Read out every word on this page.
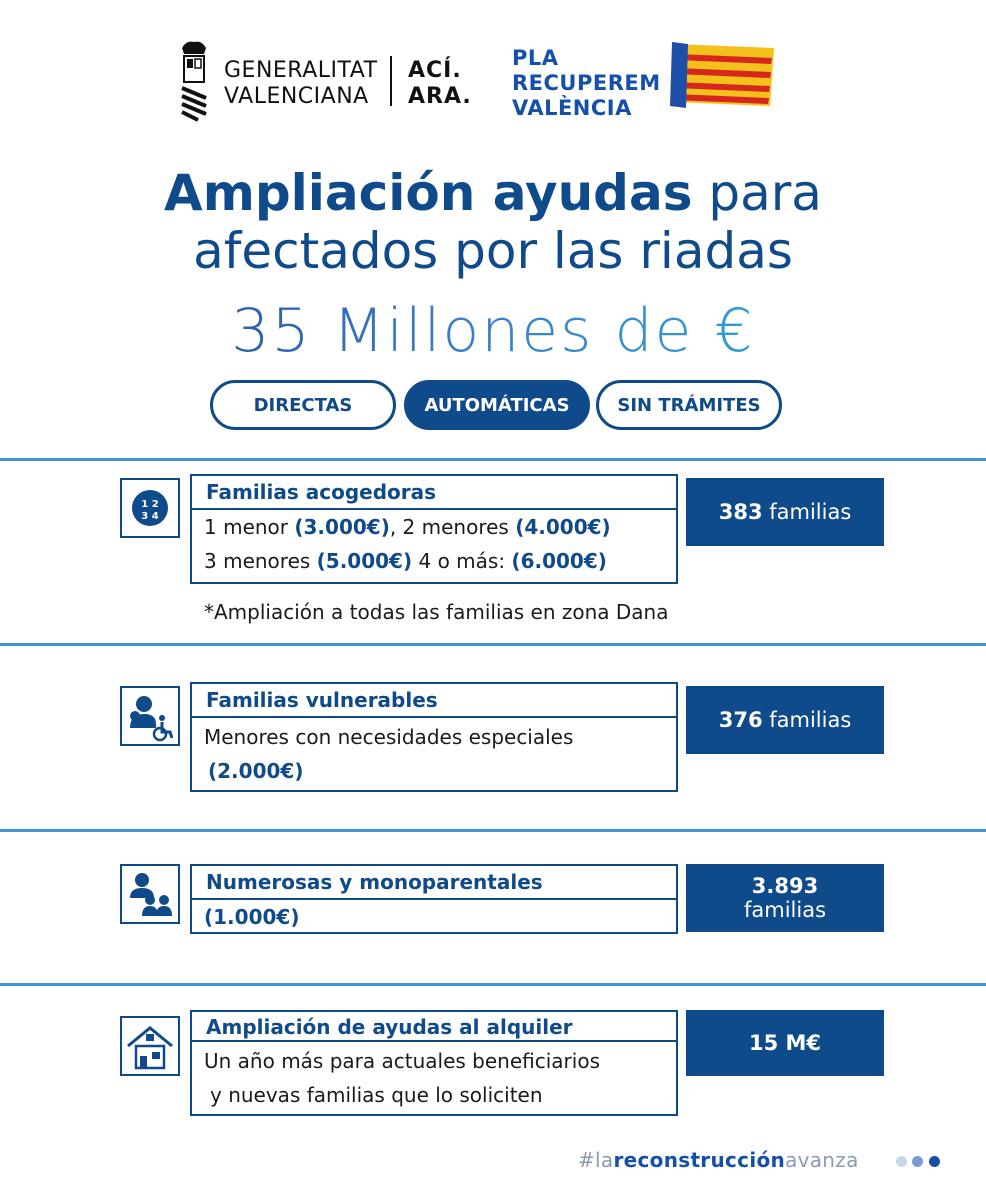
GENERALITAT
VALENCIANA
ACÍ.
ARA.
PLA
RECUPEREM
VALÈNCIA
Ampliación ayudas para
afectados por las riadas
35 Millones de €
DIRECTAS	AUTOMÁTICAS	SIN TRÁMITES
1 2
3 4
Familias acogedoras
1 menor (3.000€), 2 menores (4.000€)
3 menores (5.000€) 4 o más: (6.000€)
383 familias
*Ampliación a todas las familias en zona Dana
Familias vulnerables
Menores con necesidades especiales
(2.000€)
376 familias
Numerosas y monoparentales
(1.000€)
3.893
familias
Ampliación de ayudas al alquiler
Un año más para actuales beneficiarios
y nuevas familias que lo soliciten
15 M€
#lareconstrucciónavanza
